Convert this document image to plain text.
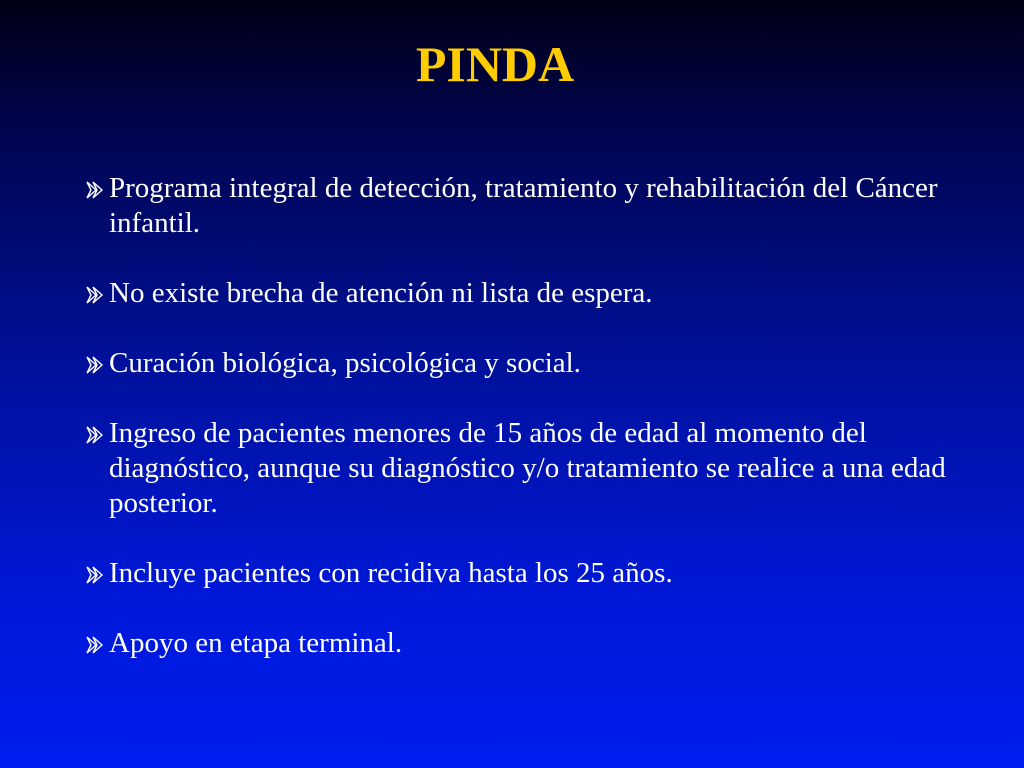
PINDA
Programa integral de detección, tratamiento y rehabilitación del Cáncer infantil.
No existe brecha de atención ni lista de espera.
Curación biológica, psicológica y social.
Ingreso de pacientes menores de 15 años de edad al momento del diagnóstico, aunque su diagnóstico y/o tratamiento se realice a una edad posterior.
Incluye pacientes con recidiva hasta los 25 años.
Apoyo en etapa terminal.
